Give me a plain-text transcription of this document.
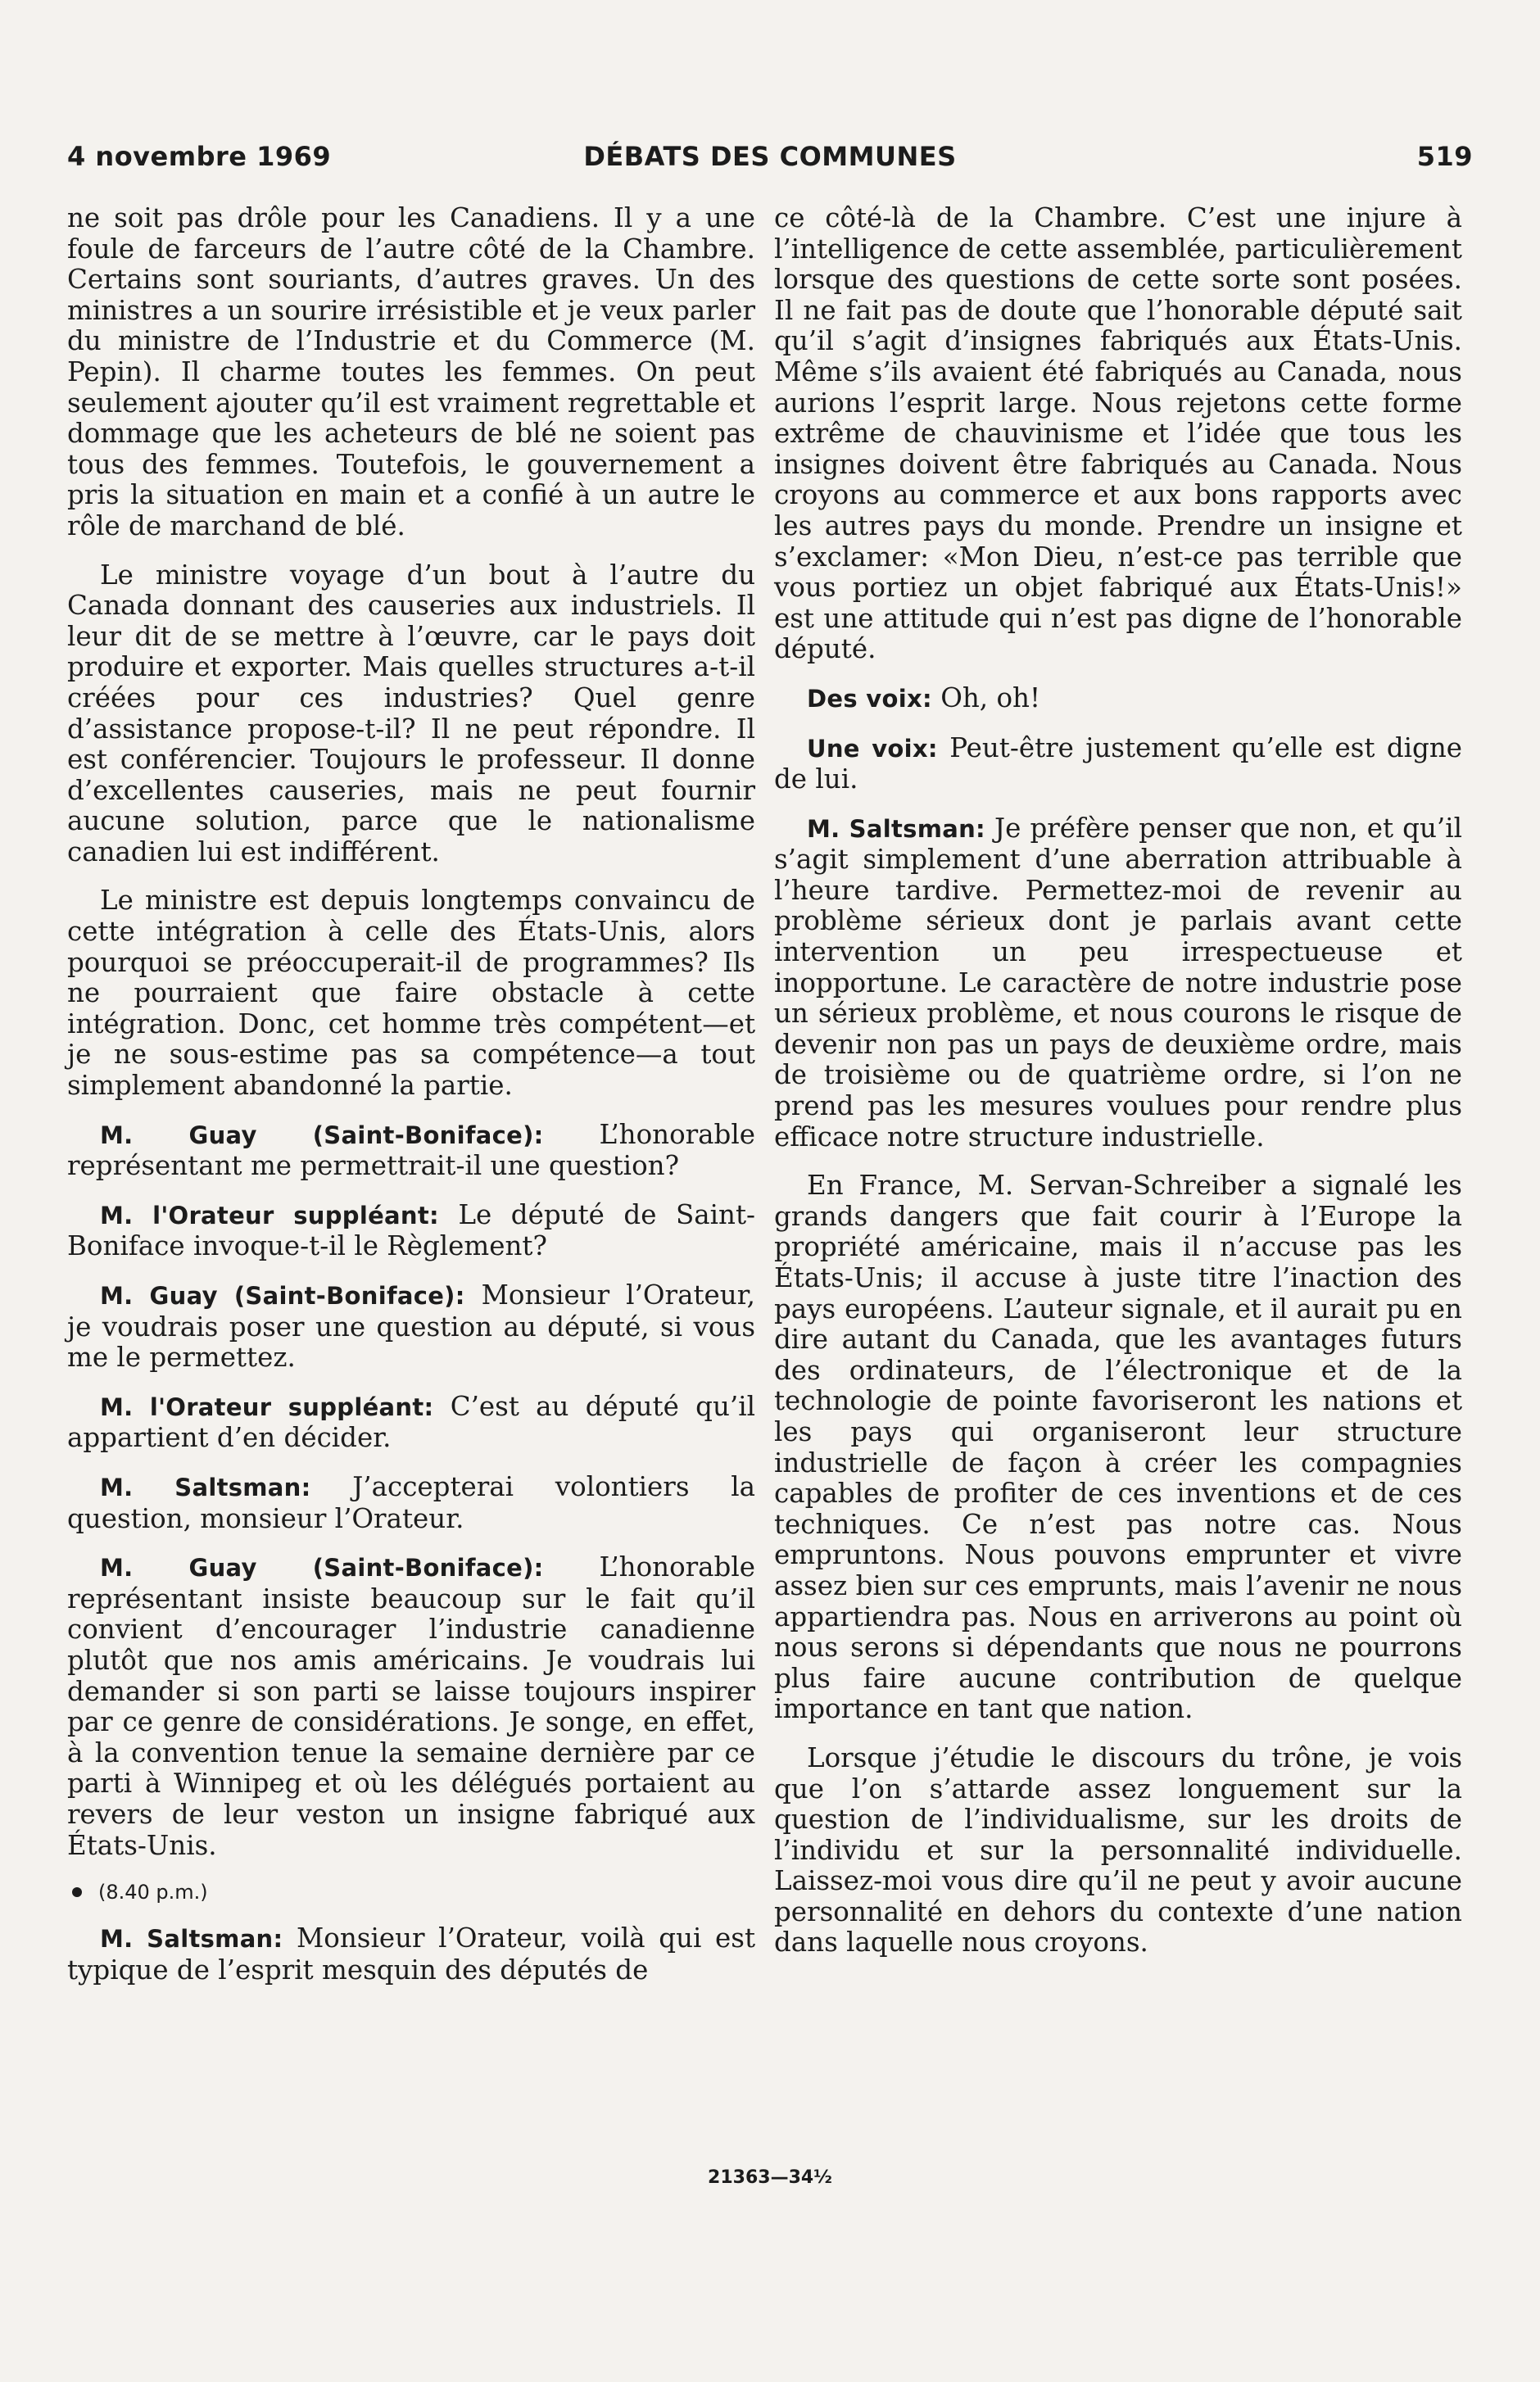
4 novembre 1969	DÉBATS DES COMMUNES	519

ne soit pas drôle pour les Canadiens. Il y a une foule de farceurs de l’autre côté de la Chambre. Certains sont souriants, d’autres graves. Un des ministres a un sourire irrésistible et je veux parler du ministre de l’Industrie et du Commerce (M. Pepin). Il charme toutes les femmes. On peut seulement ajouter qu’il est vraiment regrettable et dommage que les acheteurs de blé ne soient pas tous des femmes. Toutefois, le gouvernement a pris la situation en main et a confié à un autre le rôle de marchand de blé.

Le ministre voyage d’un bout à l’autre du Canada donnant des causeries aux industriels. Il leur dit de se mettre à l’œuvre, car le pays doit produire et exporter. Mais quelles structures a-t-il créées pour ces industries? Quel genre d’assistance propose-t-il? Il ne peut répondre. Il est conférencier. Toujours le professeur. Il donne d’excellentes causeries, mais ne peut fournir aucune solution, parce que le nationalisme canadien lui est indifférent.

Le ministre est depuis longtemps convaincu de cette intégration à celle des États-Unis, alors pourquoi se préoccuperait-il de programmes? Ils ne pourraient que faire obstacle à cette intégration. Donc, cet homme très compétent—et je ne sous-estime pas sa compétence—a tout simplement abandonné la partie.

M. Guay (Saint-Boniface): L’honorable représentant me permettrait-il une question?

M. l'Orateur suppléant: Le député de Saint-Boniface invoque-t-il le Règlement?

M. Guay (Saint-Boniface): Monsieur l’Orateur, je voudrais poser une question au député, si vous me le permettez.

M. l'Orateur suppléant: C’est au député qu’il appartient d’en décider.

M. Saltsman: J’accepterai volontiers la question, monsieur l’Orateur.

M. Guay (Saint-Boniface): L’honorable représentant insiste beaucoup sur le fait qu’il convient d’encourager l’industrie canadienne plutôt que nos amis américains. Je voudrais lui demander si son parti se laisse toujours inspirer par ce genre de considérations. Je songe, en effet, à la convention tenue la semaine dernière par ce parti à Winnipeg et où les délégués portaient au revers de leur veston un insigne fabriqué aux États-Unis.

(8.40 p.m.)

M. Saltsman: Monsieur l’Orateur, voilà qui est typique de l’esprit mesquin des députés de

ce côté-là de la Chambre. C’est une injure à l’intelligence de cette assemblée, particulièrement lorsque des questions de cette sorte sont posées. Il ne fait pas de doute que l’honorable député sait qu’il s’agit d’insignes fabriqués aux États-Unis. Même s’ils avaient été fabriqués au Canada, nous aurions l’esprit large. Nous rejetons cette forme extrême de chauvinisme et l’idée que tous les insignes doivent être fabriqués au Canada. Nous croyons au commerce et aux bons rapports avec les autres pays du monde. Prendre un insigne et s’exclamer: «Mon Dieu, n’est-ce pas terrible que vous portiez un objet fabriqué aux États-Unis!» est une attitude qui n’est pas digne de l’honorable député.

Des voix: Oh, oh!

Une voix: Peut-être justement qu’elle est digne de lui.

M. Saltsman: Je préfère penser que non, et qu’il s’agit simplement d’une aberration attribuable à l’heure tardive. Permettez-moi de revenir au problème sérieux dont je parlais avant cette intervention un peu irrespectueuse et inopportune. Le caractère de notre industrie pose un sérieux problème, et nous courons le risque de devenir non pas un pays de deuxième ordre, mais de troisième ou de quatrième ordre, si l’on ne prend pas les mesures voulues pour rendre plus efficace notre structure industrielle.

En France, M. Servan-Schreiber a signalé les grands dangers que fait courir à l’Europe la propriété américaine, mais il n’accuse pas les États-Unis; il accuse à juste titre l’inaction des pays européens. L’auteur signale, et il aurait pu en dire autant du Canada, que les avantages futurs des ordinateurs, de l’électronique et de la technologie de pointe favoriseront les nations et les pays qui organiseront leur structure industrielle de façon à créer les compagnies capables de profiter de ces inventions et de ces techniques. Ce n’est pas notre cas. Nous empruntons. Nous pouvons emprunter et vivre assez bien sur ces emprunts, mais l’avenir ne nous appartiendra pas. Nous en arriverons au point où nous serons si dépendants que nous ne pourrons plus faire aucune contribution de quelque importance en tant que nation.

Lorsque j’étudie le discours du trône, je vois que l’on s’attarde assez longuement sur la question de l’individualisme, sur les droits de l’individu et sur la personnalité individuelle. Laissez-moi vous dire qu’il ne peut y avoir aucune personnalité en dehors du contexte d’une nation dans laquelle nous croyons.

21363—34½
